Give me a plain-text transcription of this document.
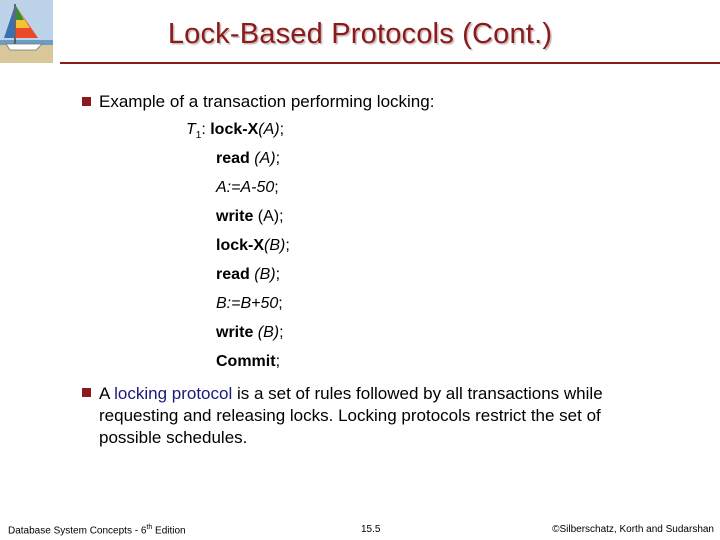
Lock-Based Protocols (Cont.)
Example of a transaction performing locking:
$T_1$: lock-X(A);
read (A);
A:=A-50;
write (A);
lock-X(B);
read (B);
B:=B+50;
write (B);
Commit;
A locking protocol is a set of rules followed by all transactions while requesting and releasing locks. Locking protocols restrict the set of possible schedules.
Database System Concepts - 6th Edition	15.5	©Silberschatz, Korth and Sudarshan
